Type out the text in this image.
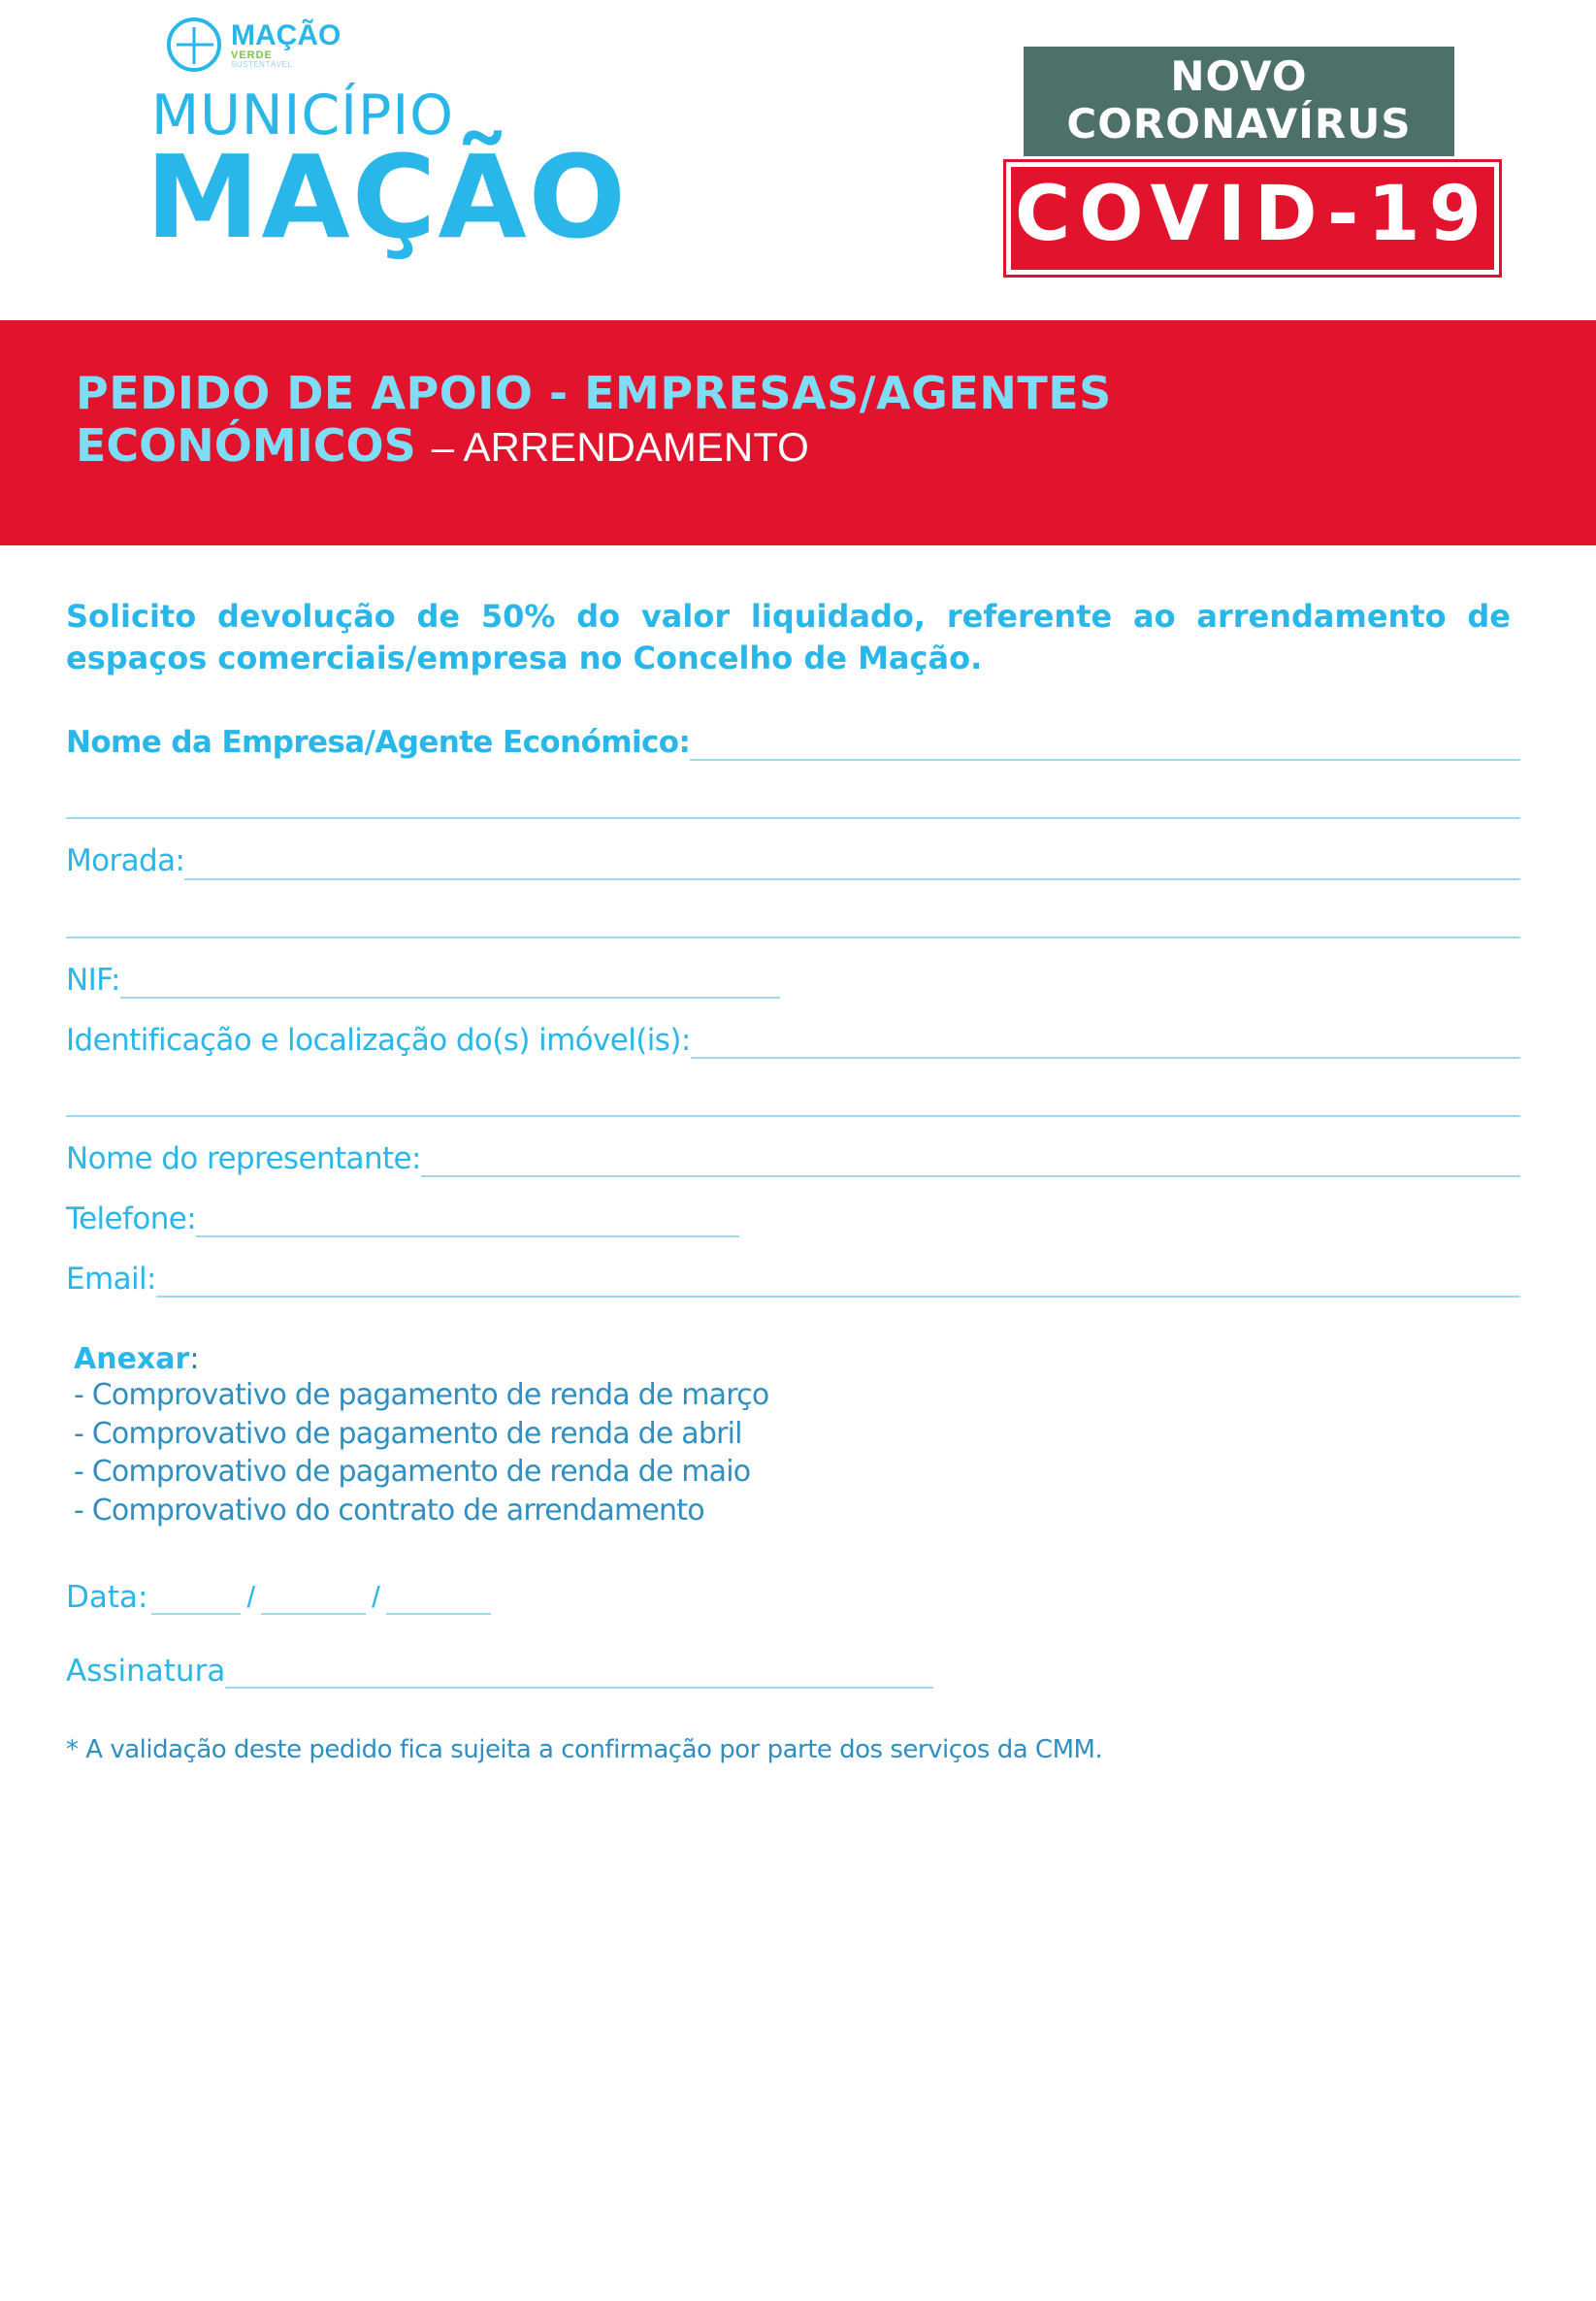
MAÇÃO
VERDE
SUSTENTÁVEL
MUNICÍPIO
MAÇÃO
NOVO CORONAVÍRUS
COVID-19
PEDIDO DE APOIO - EMPRESAS/AGENTES
ECONÓMICOS – ARRENDAMENTO
Solicito devolução de 50% do valor liquidado, referente ao arrendamento de espaços comerciais/empresa no Concelho de Mação.
Nome da Empresa/Agente Económico:
Morada:
NIF:
Identificação e localização do(s) imóvel(is):
Nome do representante:
Telefone:
Email:
Anexar:
- Comprovativo de pagamento de renda de março
- Comprovativo de pagamento de renda de abril
- Comprovativo de pagamento de renda de maio
- Comprovativo do contrato de arrendamento
Data:	/	/
Assinatura
* A validação deste pedido fica sujeita a confirmação por parte dos serviços da CMM.
